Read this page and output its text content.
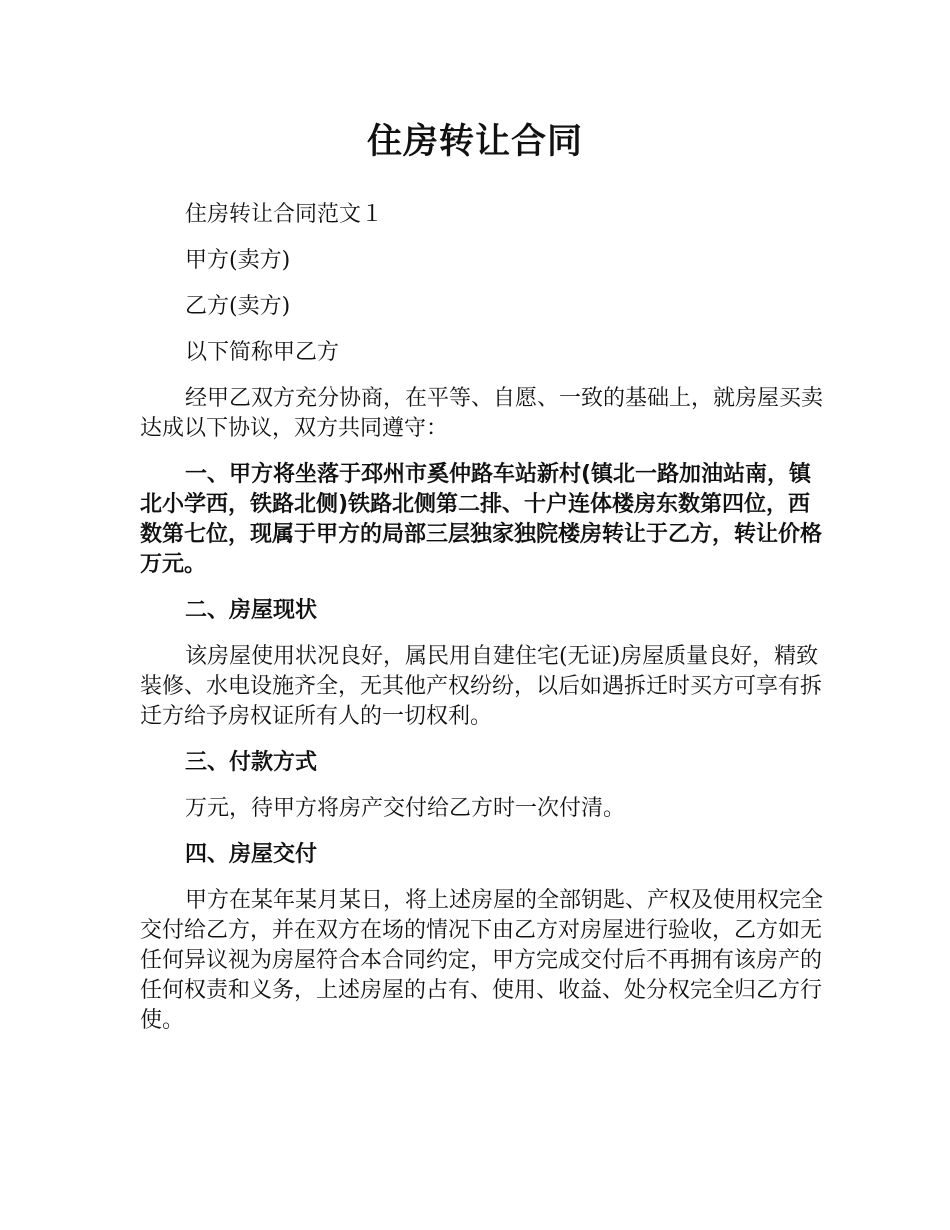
住房转让合同

住房转让合同范文１

甲方(卖方)

乙方(卖方)

以下简称甲乙方

经甲乙双方充分协商，在平等、自愿、一致的基础上，就房屋买卖达成以下协议，双方共同遵守：

一、甲方将坐落于邳州市奚仲路车站新村(镇北一路加油站南，镇北小学西，铁路北侧)铁路北侧第二排、十户连体楼房东数第四位，西数第七位，现属于甲方的局部三层独家独院楼房转让于乙方，转让价格万元。

二、房屋现状

该房屋使用状况良好，属民用自建住宅(无证)房屋质量良好，精致装修、水电设施齐全，无其他产权纷纷，以后如遇拆迁时买方可享有拆迁方给予房权证所有人的一切权利。

三、付款方式

万元，待甲方将房产交付给乙方时一次付清。

四、房屋交付

甲方在某年某月某日，将上述房屋的全部钥匙、产权及使用权完全交付给乙方，并在双方在场的情况下由乙方对房屋进行验收，乙方如无任何异议视为房屋符合本合同约定，甲方完成交付后不再拥有该房产的任何权责和义务，上述房屋的占有、使用、收益、处分权完全归乙方行使。
